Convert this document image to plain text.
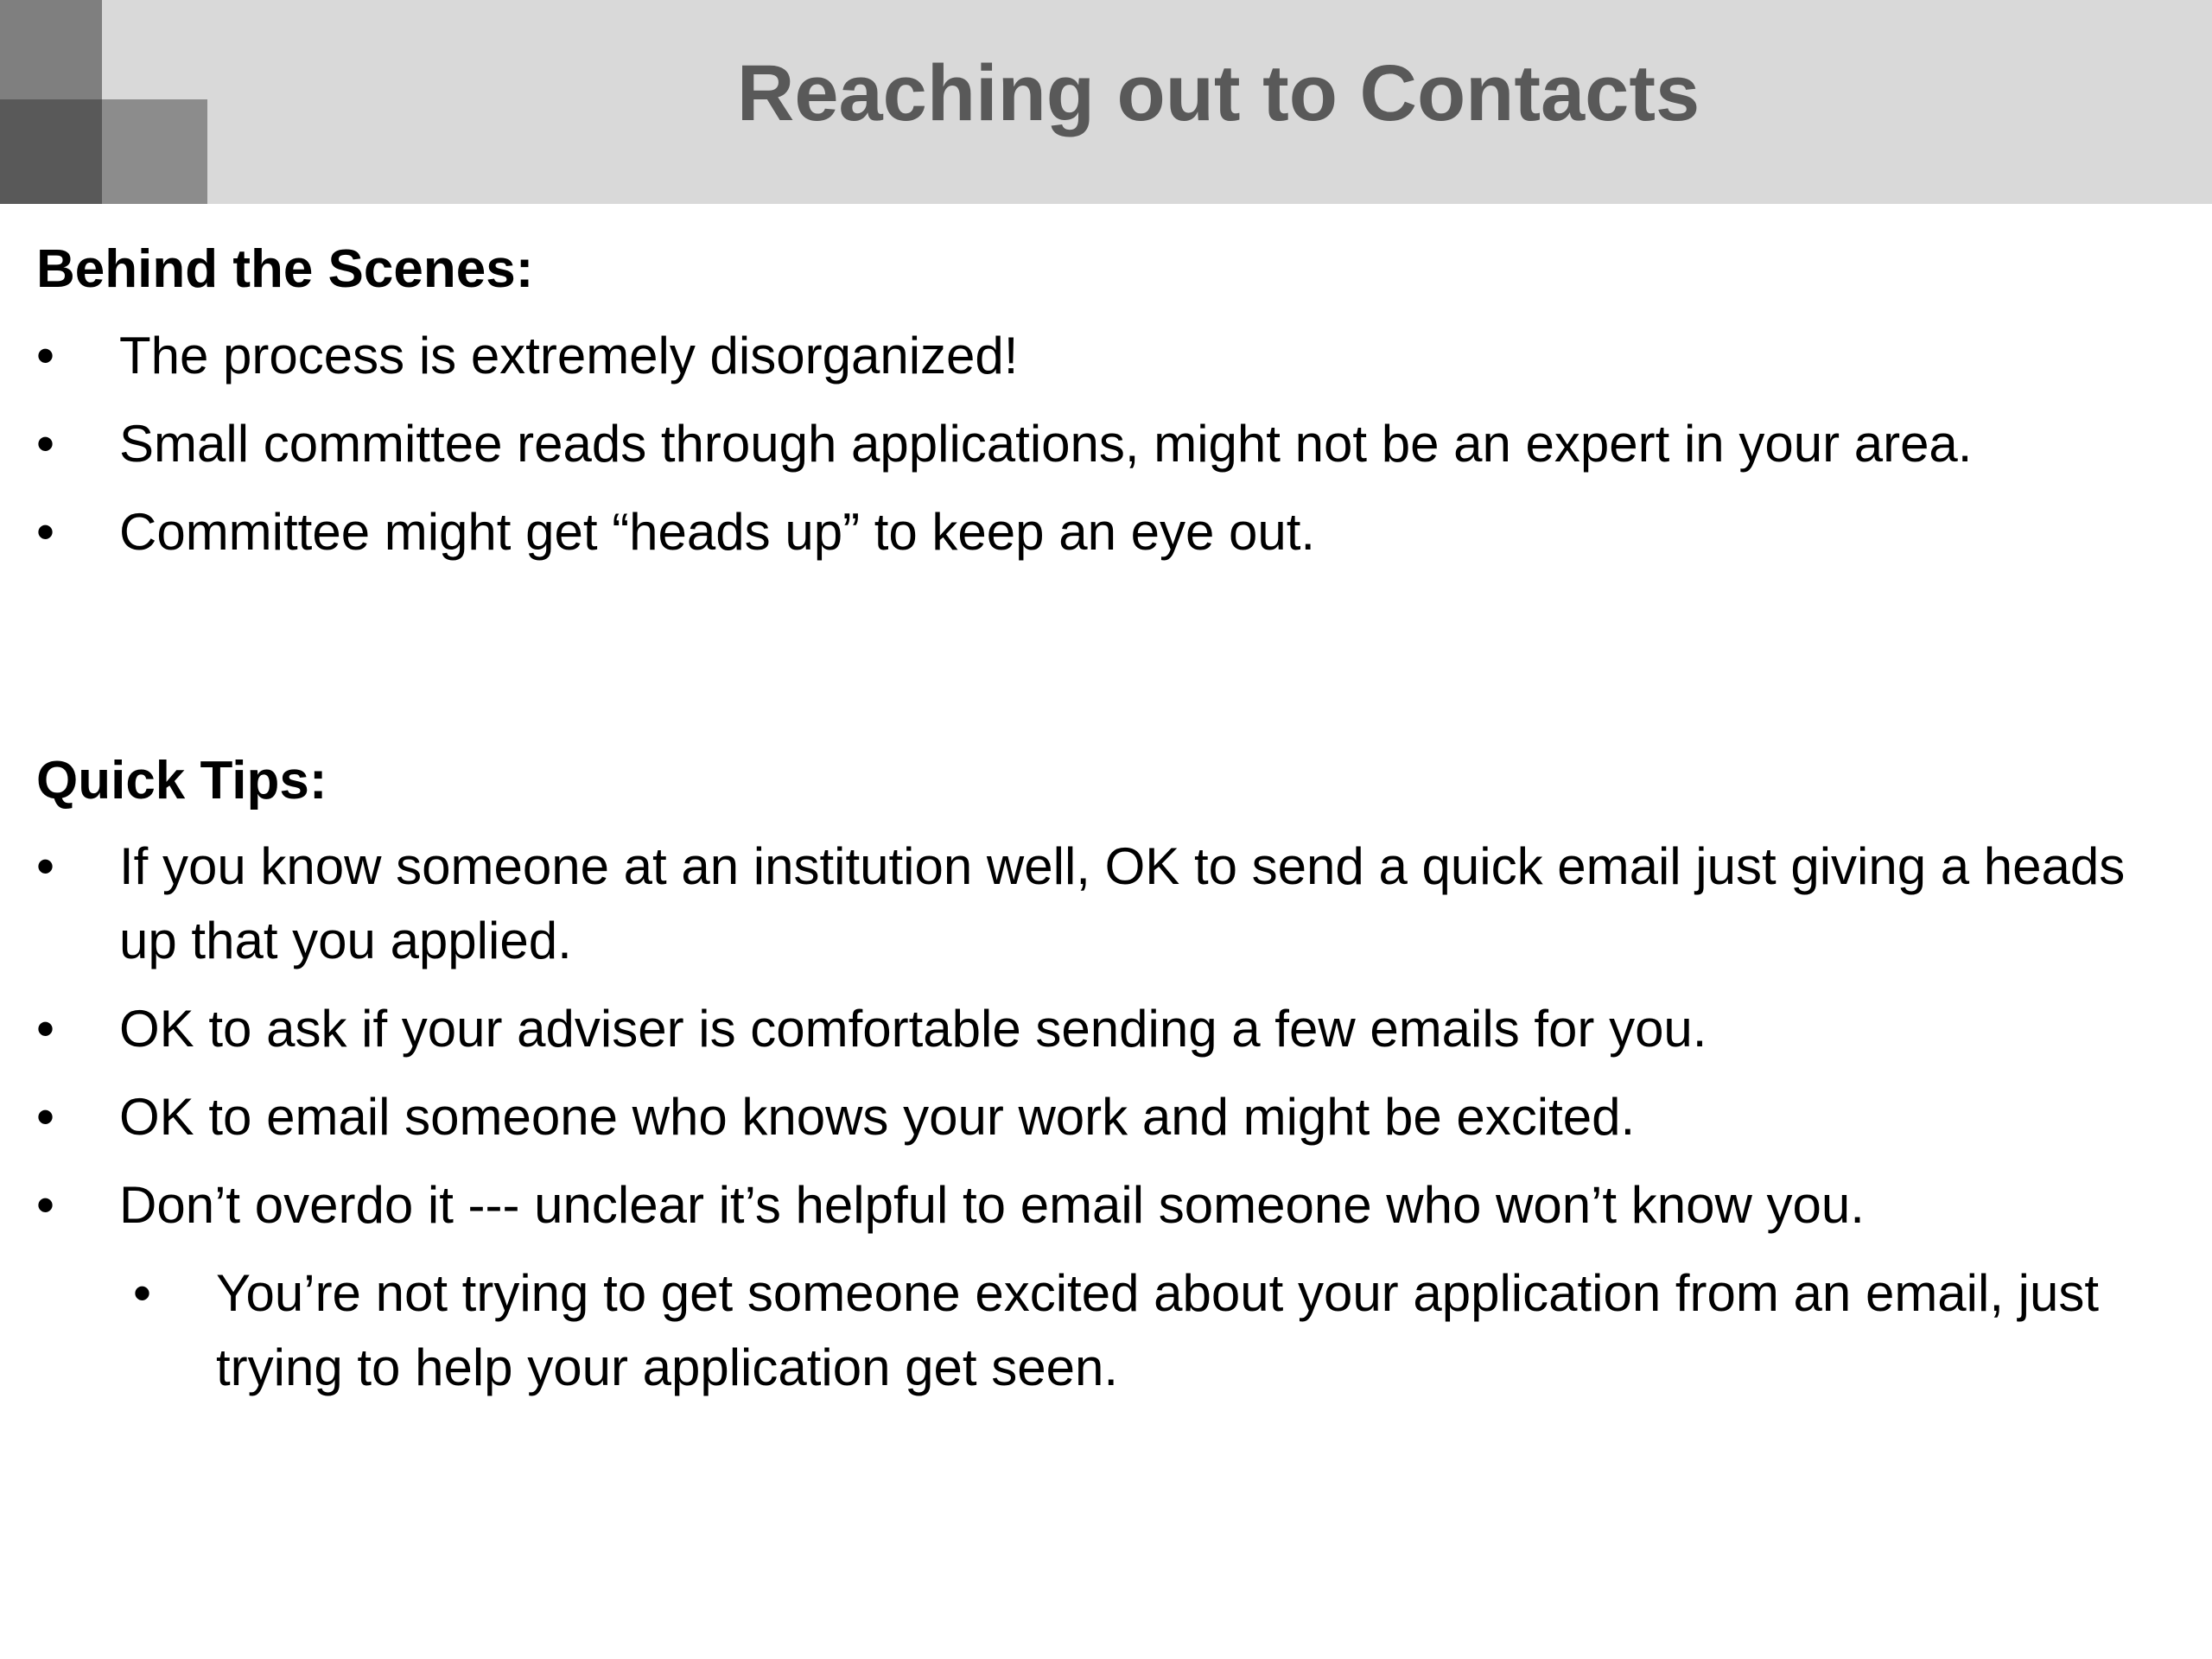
Reaching out to Contacts

Behind the Scenes:

•	The process is extremely disorganized!
•	Small committee reads through applications, might not be an expert in your area.
•	Committee might get “heads up” to keep an eye out.

Quick Tips:

•	If you know someone at an institution well, OK to send a quick email just giving a heads up that you applied.
•	OK to ask if your adviser is comfortable sending a few emails for you.
•	OK to email someone who knows your work and might be excited.
•	Don’t overdo it --- unclear it’s helpful to email someone who won’t know you.
•	You’re not trying to get someone excited about your application from an email, just trying to help your application get seen.
